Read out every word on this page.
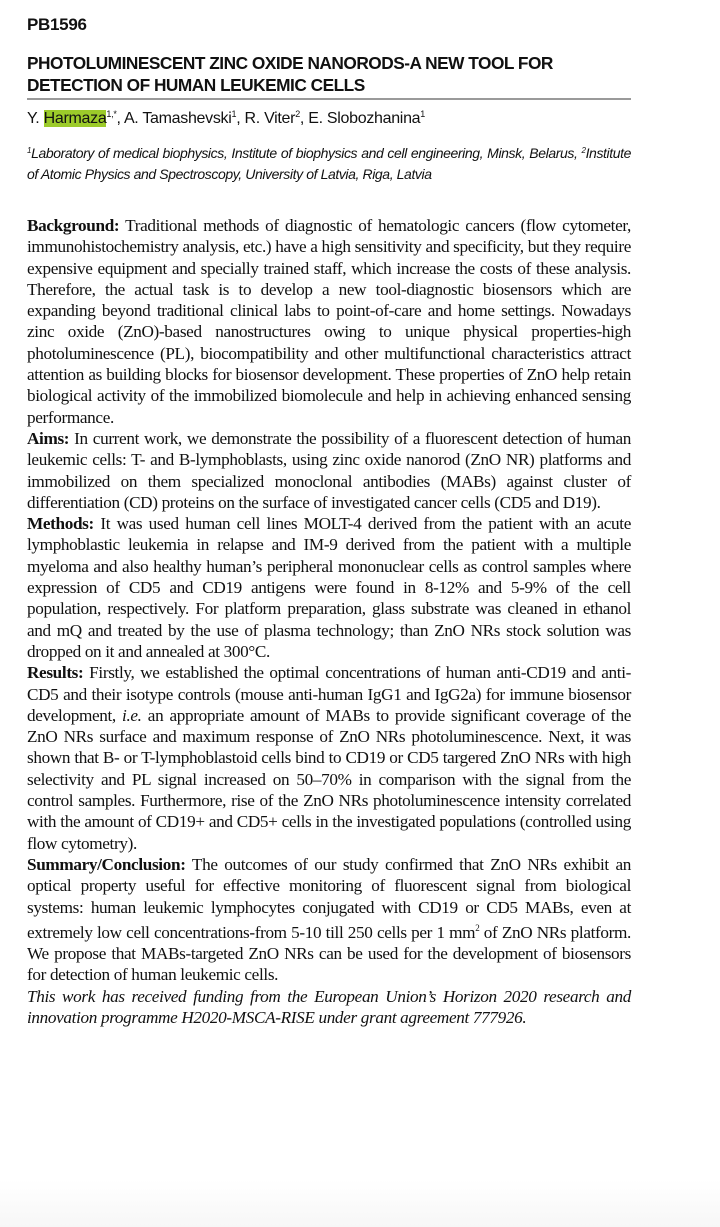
PB1596
PHOTOLUMINESCENT ZINC OXIDE NANORODS-A NEW TOOL FOR
DETECTION OF HUMAN LEUKEMIC CELLS
Y. Harmaza$^{1,*}$, A. Tamashevski$^1$, R. Viter$^2$, E. Slobozhanina$^1$
$^1$Laboratory of medical biophysics, Institute of biophysics and cell engineering, Minsk, Belarus, $^2$Institute of Atomic Physics and Spectroscopy, University of Latvia, Riga, Latvia

Background: Traditional methods of diagnostic of hematologic cancers (flow cytometer, immunohistochemistry analysis, etc.) have a high sensitivity and specificity, but they require expensive equipment and specially trained staff, which increase the costs of these analysis. Therefore, the actual task is to develop a new tool-diagnostic biosensors which are expanding beyond traditional clinical labs to point-of-care and home settings. Nowadays zinc oxide (ZnO)-based nanostructures owing to unique physical properties-high photoluminescence (PL), biocompatibility and other multifunctional characteristics attract attention as building blocks for biosensor development. These properties of ZnO help retain biological activity of the immobilized biomolecule and help in achieving enhanced sensing performance.

Aims: In current work, we demonstrate the possibility of a fluorescent detection of human leukemic cells: T- and B-lymphoblasts, using zinc oxide nanorod (ZnO NR) platforms and immobilized on them specialized monoclonal antibodies (MABs) against cluster of differentiation (CD) proteins on the surface of investigated cancer cells (CD5 and D19).

Methods: It was used human cell lines MOLT-4 derived from the patient with an acute lymphoblastic leukemia in relapse and IM-9 derived from the patient with a multiple myeloma and also healthy human’s peripheral mononuclear cells as control samples where expression of CD5 and CD19 antigens were found in 8-12% and 5-9% of the cell population, respectively. For platform preparation, glass substrate was cleaned in ethanol and mQ and treated by the use of plasma technology; than ZnO NRs stock solution was dropped on it and annealed at 300°C.

Results: Firstly, we established the optimal concentrations of human anti-CD19 and anti-CD5 and their isotype controls (mouse anti-human IgG1 and IgG2a) for immune biosensor development, i.e. an appropriate amount of MABs to provide significant coverage of the ZnO NRs surface and maximum response of ZnO NRs photoluminescence. Next, it was shown that B- or T-lymphoblastoid cells bind to CD19 or CD5 targered ZnO NRs with high selectivity and PL signal increased on 50–70% in comparison with the signal from the control samples. Furthermore, rise of the ZnO NRs photoluminescence intensity correlated with the amount of CD19+ and CD5+ cells in the investigated populations (controlled using flow cytometry).

Summary/Conclusion: The outcomes of our study confirmed that ZnO NRs exhibit an optical property useful for effective monitoring of fluorescent signal from biological systems: human leukemic lymphocytes conjugated with CD19 or CD5 MABs, even at extremely low cell concentrations-from 5-10 till 250 cells per 1 $mm^2$ of ZnO NRs platform. We propose that MABs-targeted ZnO NRs can be used for the development of biosensors for detection of human leukemic cells.

This work has received funding from the European Union’s Horizon 2020 research and innovation programme H2020-MSCA-RISE under grant agreement 777926.
